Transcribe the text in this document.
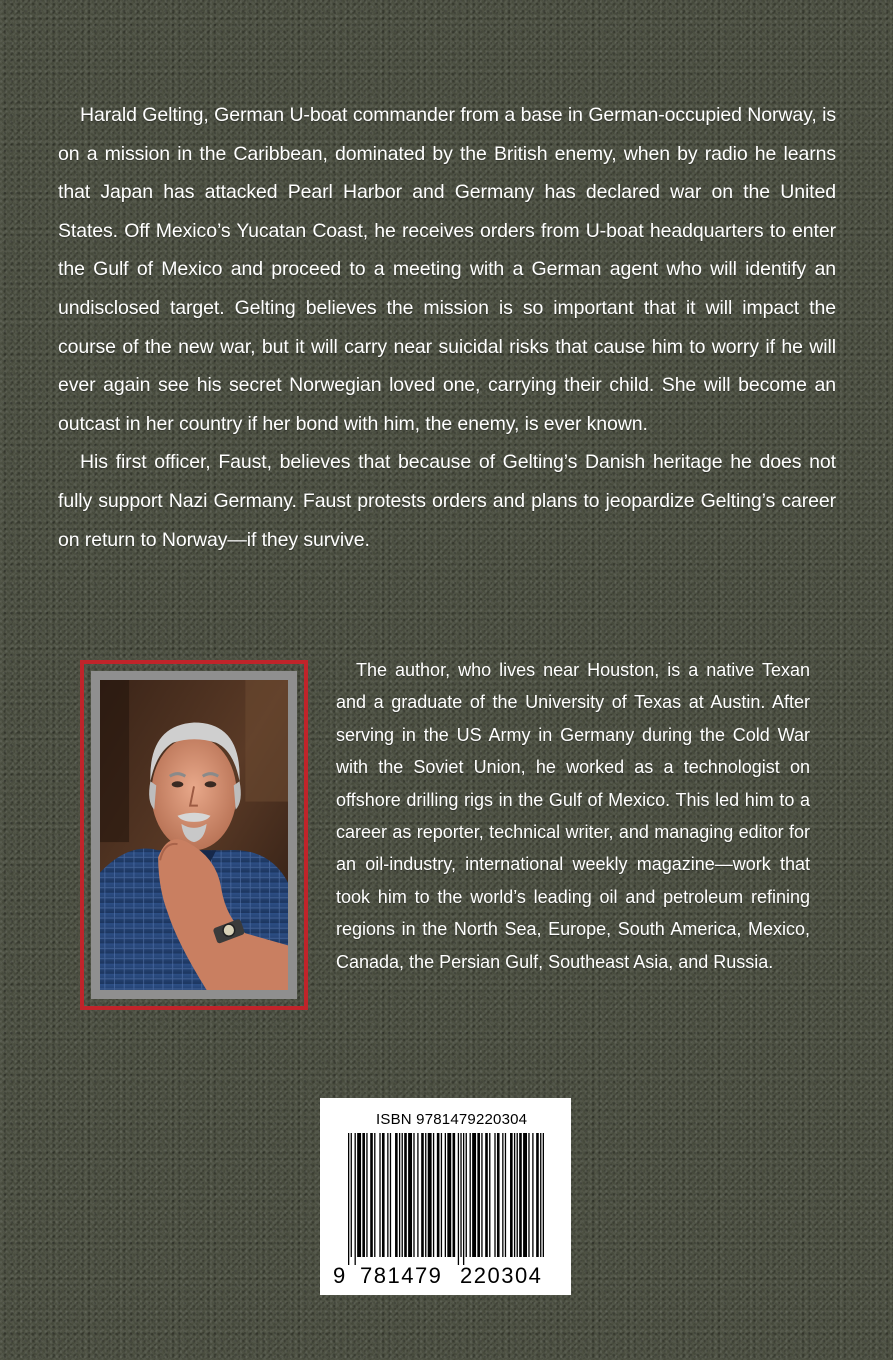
Harald Gelting, German U-boat commander from a base in German-occupied Norway, is on a mission in the Caribbean, dominated by the British enemy, when by radio he learns that Japan has attacked Pearl Harbor and Germany has declared war on the United States. Off Mexico’s Yucatan Coast, he receives orders from U-boat headquarters to enter the Gulf of Mexico and proceed to a meeting with a German agent who will identify an undisclosed target. Gelting believes the mission is so important that it will impact the course of the new war, but it will carry near suicidal risks that cause him to worry if he will ever again see his secret Norwegian loved one, carrying their child. She will become an outcast in her country if her bond with him, the enemy, is ever known.

His first officer, Faust, believes that because of Gelting’s Danish heritage he does not fully support Nazi Germany. Faust protests orders and plans to jeopardize Gelting’s career on return to Norway—if they survive.

The author, who lives near Houston, is a native Texan and a graduate of the University of Texas at Austin. After serving in the US Army in Germany during the Cold War with the Soviet Union, he worked as a technologist on offshore drilling rigs in the Gulf of Mexico. This led him to a career as reporter, technical writer, and managing editor for an oil-industry, international weekly magazine—work that took him to the world’s leading oil and petroleum refining regions in the North Sea, Europe, South America, Mexico, Canada, the Persian Gulf, Southeast Asia, and Russia.

ISBN 9781479220304
9 781479 220304
